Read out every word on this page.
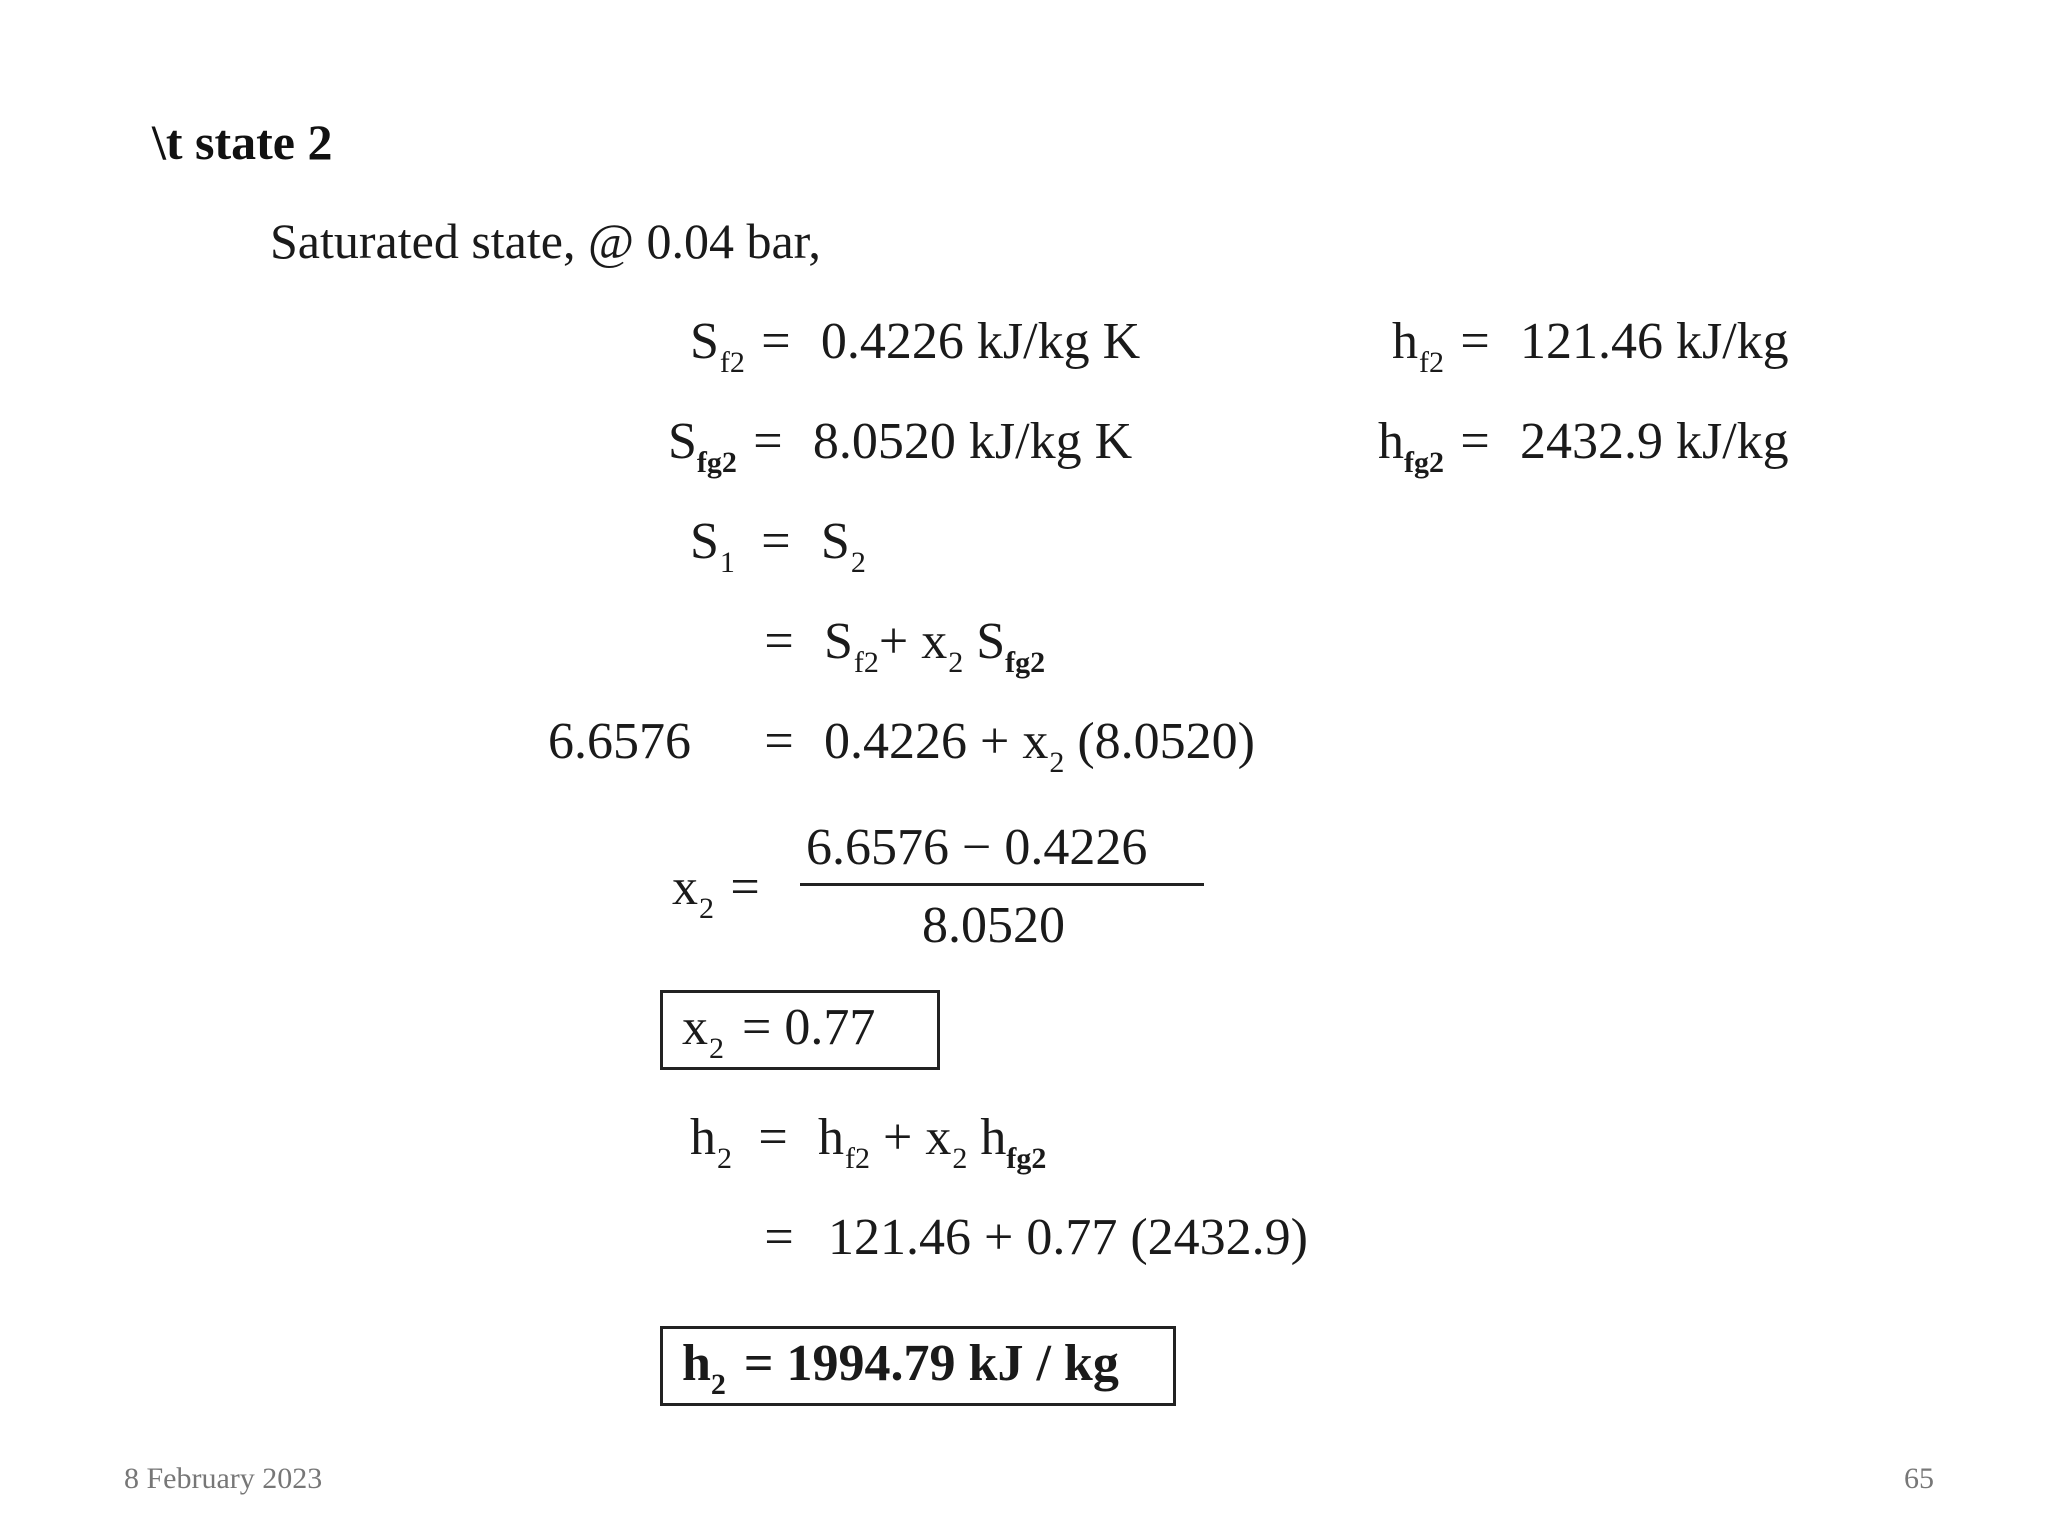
\t state 2
Saturated state, @ 0.04 bar,
$S_{f2} = 0.4226$ kJ/kg K	$h_{f2} = 121.46$ kJ/kg
$S_{fg2} = 8.0520$ kJ/kg K	$h_{fg2} = 2432.9$ kJ/kg
$S_1 = S_2$
= $S_{f2}+ x_2$ $S_{fg2}$
$6.6576 = 0.4226 + x_2$ (8.0520)
$x_2$ =
6.6576 − 0.4226
8.0520
$x_2 = 0.77$
$h_2 = h_{f2} + x_2$ $h_{fg2}$
= 121.46 + 0.77 (2432.9)
$h_2 = 1994.79$ kJ / kg
8 February 2023	65
